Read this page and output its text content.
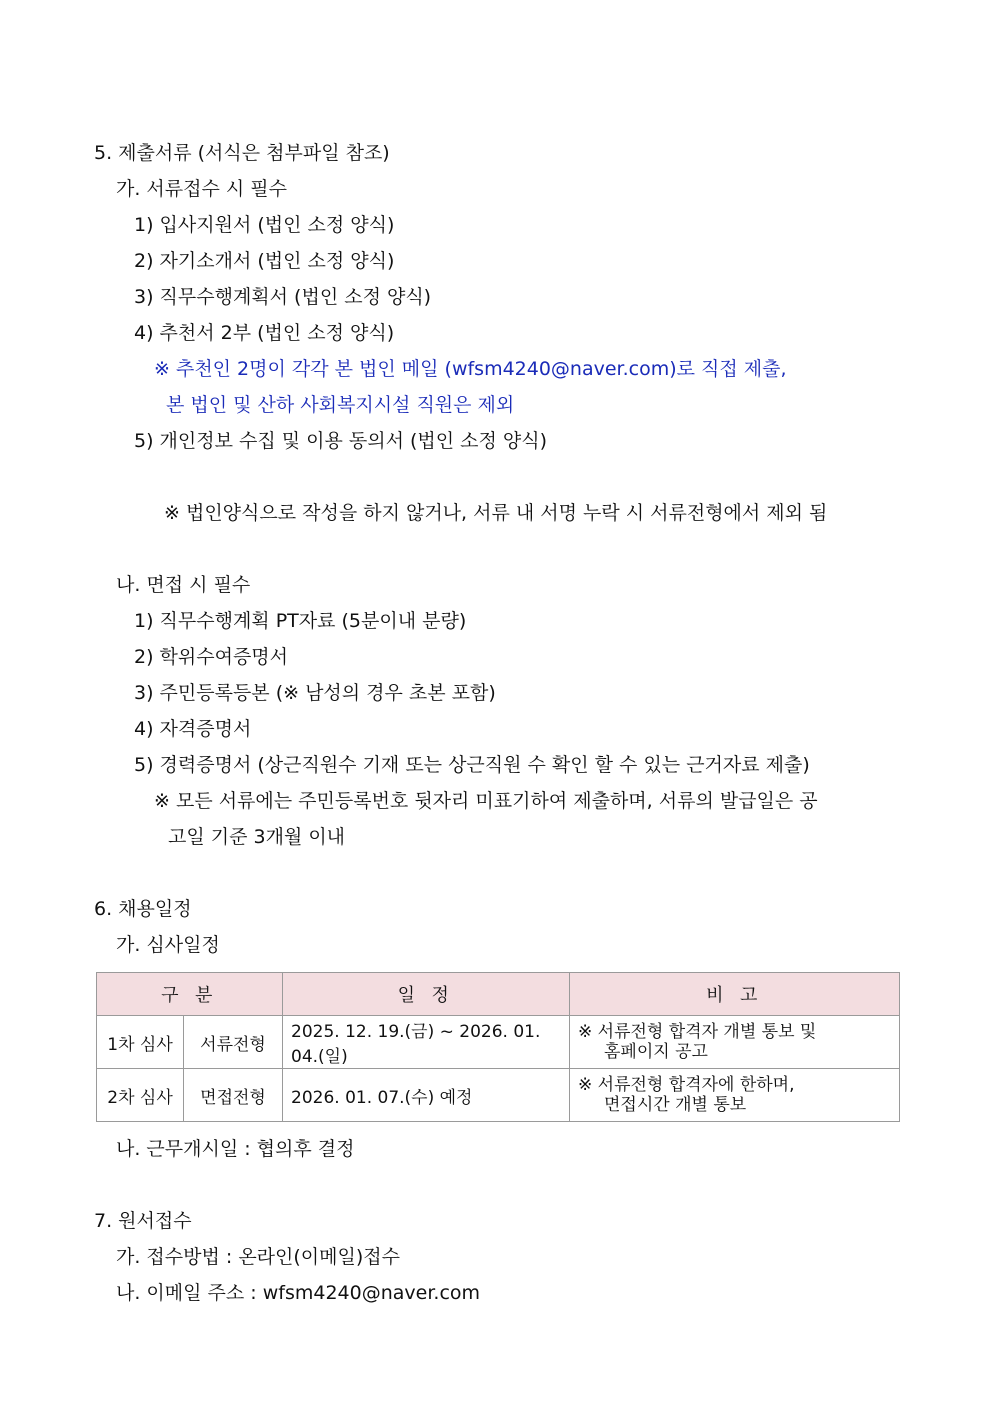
5. 제출서류 (서식은 첨부파일 참조)
가. 서류접수 시 필수
1) 입사지원서 (법인 소정 양식)
2) 자기소개서 (법인 소정 양식)
3) 직무수행계획서 (법인 소정 양식)
4) 추천서 2부 (법인 소정 양식)
※ 추천인 2명이 각각 본 법인 메일 (wfsm4240@naver.com)로 직접 제출,
본 법인 및 산하 사회복지시설 직원은 제외
5) 개인정보 수집 및 이용 동의서 (법인 소정 양식)
※ 법인양식으로 작성을 하지 않거나, 서류 내 서명 누락 시 서류전형에서 제외 됨
나. 면접 시 필수
1) 직무수행계획 PT자료 (5분이내 분량)
2) 학위수여증명서
3) 주민등록등본 (※ 남성의 경우 초본 포함)
4) 자격증명서
5) 경력증명서 (상근직원수 기재 또는 상근직원 수 확인 할 수 있는 근거자료 제출)
※ 모든 서류에는 주민등록번호 뒷자리 미표기하여 제출하며, 서류의 발급일은 공
고일 기준 3개월 이내
6. 채용일정
가. 심사일정
구 분		일 정	비 고
1차 심사	서류전형	2025. 12. 19.(금) ~ 2026. 01. 04.(일)	※ 서류전형 합격자 개별 통보 및
홈페이지 공고

2차 심사	면접전형	2026. 01. 07.(수) 예정	※ 서류전형 합격자에 한하며,
면접시간 개별 통보
나. 근무개시일 : 협의후 결정
7. 원서접수
가. 접수방법 : 온라인(이메일)접수
나. 이메일 주소 : wfsm4240@naver.com
